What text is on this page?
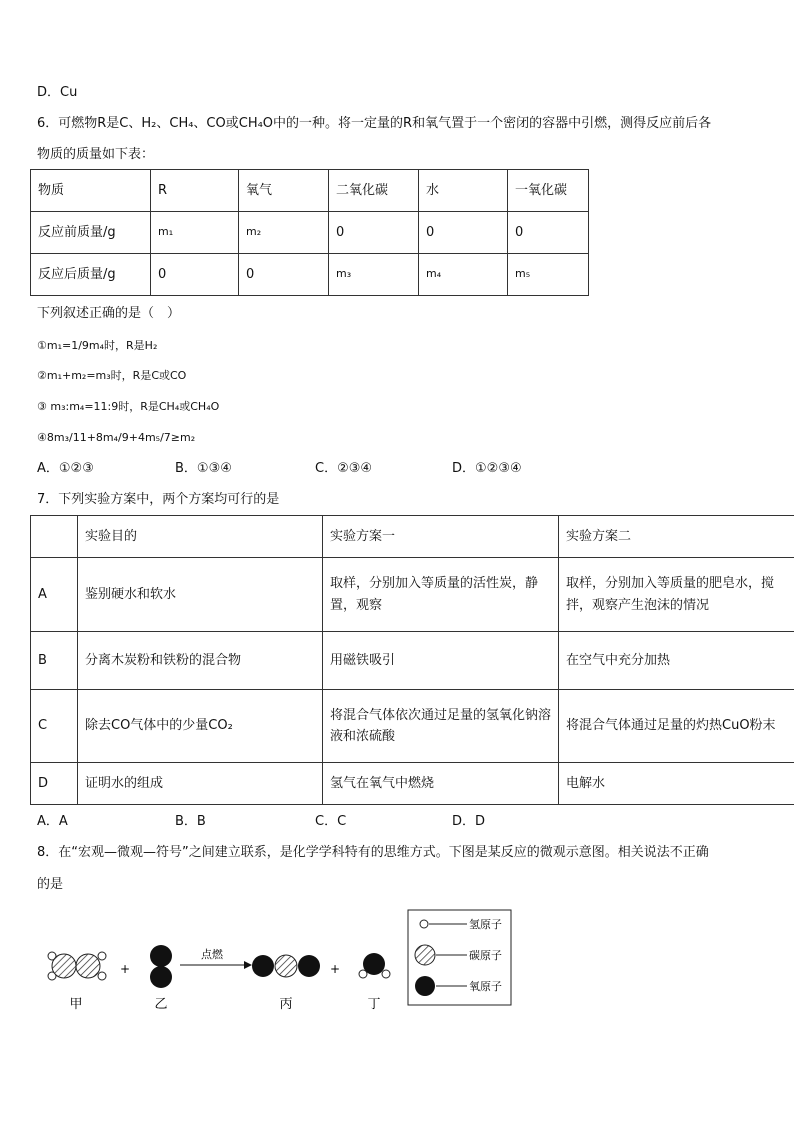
D．Cu
6．可燃物R是C、H₂、CH₄、CO或CH₄O中的一种。将一定量的R和氧气置于一个密闭的容器中引燃，测得反应前后各
物质的质量如下表：
物质	R	氧气	二氧化碳	水	一氧化碳
反应前质量/g	m₁	m₂	0	0	0
反应后质量/g	0	0	m₃	m₄	m₅
下列叙述正确的是（　）
①m₁=1/9m₄时，R是H₂
②m₁+m₂=m₃时，R是C或CO
③ m₃:m₄=11:9时，R是CH₄或CH₄O
④8m₃/11+8m₄/9+4m₅/7≥m₂
A．①②③	B．①③④	C．②③④	D．①②③④
7．下列实验方案中，两个方案均可行的是
	实验目的	实验方案一	实验方案二
A	鉴别硬水和软水	取样，分别加入等质量的活性炭，静置，观察	取样，分别加入等质量的肥皂水，搅拌，观察产生泡沫的情况
B	分离木炭粉和铁粉的混合物	用磁铁吸引	在空气中充分加热
C	除去CO气体中的少量CO₂	将混合气体依次通过足量的氢氧化钠溶液和浓硫酸	将混合气体通过足量的灼热CuO粉末
D	证明水的组成	氢气在氧气中燃烧	电解水
A．A	B．B	C．C	D．D
8．在“宏观—微观—符号”之间建立联系，是化学学科特有的思维方式。下图是某反应的微观示意图。相关说法不正确
的是
甲
+
乙
点燃
丙
+
丁
氢原子
碳原子
氧原子
